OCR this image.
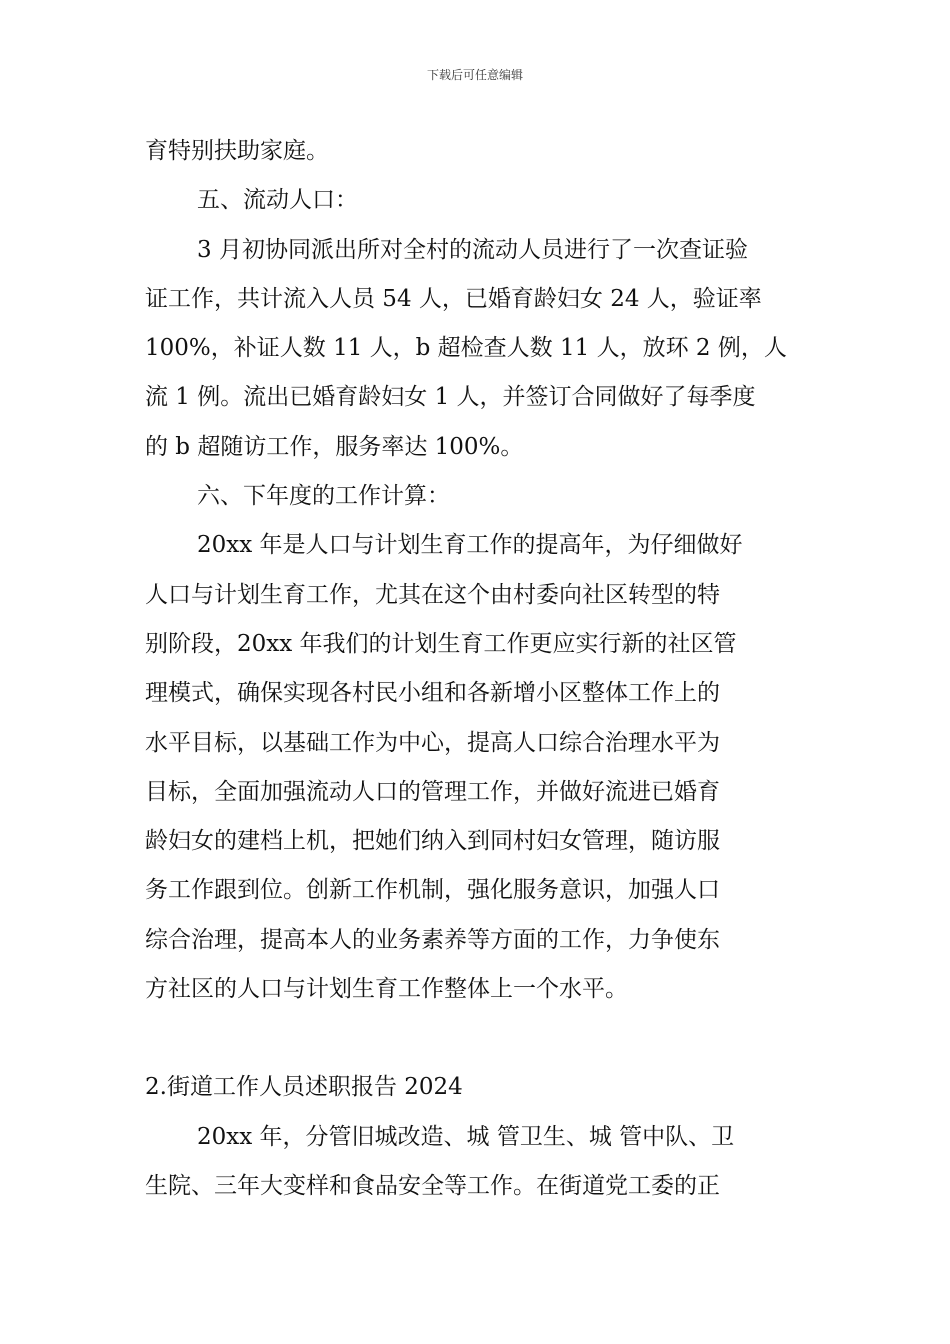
下载后可任意编辑

育特别扶助家庭。

五、流动人口：

3 月初协同派出所对全村的流动人员进行了一次查证验

证工作，共计流入人员 54 人，已婚育龄妇女 24 人，验证率

100%，补证人数 11 人，b 超检查人数 11 人，放环 2 例，人

流 1 例。流出已婚育龄妇女 1 人，并签订合同做好了每季度

的 b 超随访工作，服务率达 100%。

六、下年度的工作计算：

20xx 年是人口与计划生育工作的提高年，为仔细做好

人口与计划生育工作，尤其在这个由村委向社区转型的特

别阶段，20xx 年我们的计划生育工作更应实行新的社区管

理模式，确保实现各村民小组和各新增小区整体工作上的

水平目标，以基础工作为中心，提高人口综合治理水平为

目标，全面加强流动人口的管理工作，并做好流进已婚育

龄妇女的建档上机，把她们纳入到同村妇女管理，随访服

务工作跟到位。创新工作机制，强化服务意识，加强人口

综合治理，提高本人的业务素养等方面的工作，力争使东

方社区的人口与计划生育工作整体上一个水平。

2.街道工作人员述职报告 2024

20xx 年，分管旧城改造、城 管卫生、城 管中队、卫

生院、三年大变样和食品安全等工作。在街道党工委的正
